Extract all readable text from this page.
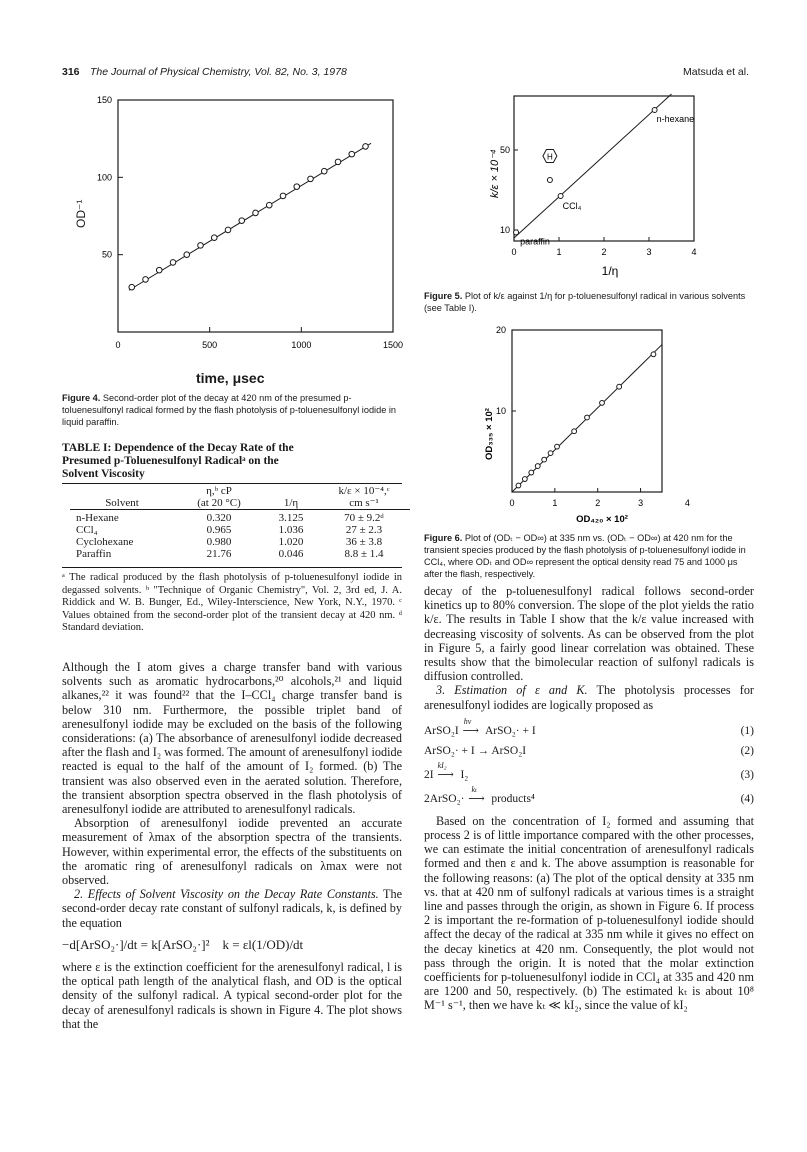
316 The Journal of Physical Chemistry, Vol. 82, No. 3, 1978	Matsuda et al.
0	500	1000	1500
50
100
150
OD⁻¹
time, μsec
Figure 4. Second-order plot of the decay at 420 nm of the presumed p-toluenesulfonyl radical formed by the flash photolysis of p-toluenesulfonyl iodide in liquid paraffin.
TABLE I: Dependence of the Decay Rate of the
Presumed p-Toluenesulfonyl Radicalᵃ on the
Solvent Viscosity
	η,ᵇ cP		k/ε × 10⁻⁴,ᶜ
Solvent	(at 20 °C)	1/η	cm s⁻¹

n-Hexane	0.320	3.125	70 ± 9.2ᵈ
CCl₄	0.965	1.036	27 ± 2.3
Cyclohexane	0.980	1.020	36 ± 3.8
Paraffin	21.76	0.046	8.8 ± 1.4
ᵃ The radical produced by the flash photolysis of p-toluenesulfonyl iodide in degassed solvents. ᵇ "Technique of Organic Chemistry", Vol. 2, 3rd ed, J. A. Riddick and W. B. Bunger, Ed., Wiley-Interscience, New York, N.Y., 1970. ᶜ Values obtained from the second-order plot of the transient decay at 420 nm. ᵈ Standard deviation.

Although the I atom gives a charge transfer band with various solvents such as aromatic hydrocarbons,²⁰ alcohols,²¹ and liquid alkanes,²² it was found²² that the I–CCl₄ charge transfer band is below 310 nm. Furthermore, the possible triplet band of arenesulfonyl iodide may be excluded on the basis of the following considerations: (a) The absorbance of arenesulfonyl iodide decreased after the flash and I₂ was formed. The amount of arenesulfonyl iodide reacted is equal to the half of the amount of I₂ formed. (b) The transient was also observed even in the aerated solution. Therefore, the transient absorption spectra observed in the flash photolysis of arenesulfonyl iodide are attributed to arenesulfonyl radicals.

Absorption of arenesulfonyl iodide prevented an accurate measurement of λmax of the absorption spectra of the transients. However, within experimental error, the effects of the substituents on the aromatic ring of arenesulfonyl radicals on λmax were not observed.

2. Effects of Solvent Viscosity on the Decay Rate Constants. The second-order decay rate constant of sulfonyl radicals, k, is defined by the equation

−d[ArSO₂·]/dt = k[ArSO₂·]²    k = εl(1/OD)/dt

where ε is the extinction coefficient for the arenesulfonyl radical, l is the optical path length of the analytical flash, and OD is the optical density of the sulfonyl radical. A typical second-order plot for the decay of arenesulfonyl radicals is shown in Figure 4. The plot shows that the

0	1	2	3	4
10
50
k/ε × 10⁻⁴
1/η
paraffin
CCl₄
H
n-hexane
Figure 5. Plot of k/ε against 1/η for p-toluenesulfonyl radical in various solvents (see Table I).
0	1	2	3	4
10
20
OD₃₃₅ × 10²
OD₄₂₀ × 10²
Figure 6. Plot of (ODₜ − OD∞) at 335 nm vs. (ODₜ − OD∞) at 420 nm for the transient species produced by the flash photolysis of p-toluenesulfonyl iodide in CCl₄, where ODₜ and OD∞ represent the optical density read 75 and 1000 μs after the flash, respectively.

decay of the p-toluenesulfonyl radical follows second-order kinetics up to 80% conversion. The slope of the plot yields the ratio k/ε. The results in Table I show that the k/ε value increased with decreasing viscosity of solvents. As can be observed from the plot in Figure 5, a fairly good linear correlation was obtained. These results show that the bimolecular reaction of sulfonyl radicals is diffusion controlled.

3. Estimation of ε and K. The photolysis processes for arenesulfonyl iodides are logically proposed as

ArSO₂I ⟶
hν
ArSO₂· + I	(1)
ArSO₂· + I → ArSO₂I	(2)
2I ⟶
kI₂
I₂	(3)
2ArSO₂· ⟶
kₜ
products⁴	(4)

Based on the concentration of I₂ formed and assuming that process 2 is of little importance compared with the other processes, we can estimate the initial concentration of arenesulfonyl radicals formed and then ε and k. The above assumption is reasonable for the following reasons: (a) The plot of the optical density at 335 nm vs. that at 420 nm of sulfonyl radicals at various times is a straight line and passes through the origin, as shown in Figure 6. If process 2 is important the re-formation of p-toluenesulfonyl iodide should affect the decay of the radical at 335 nm while it gives no effect on the decay kinetics at 420 nm. Consequently, the plot would not pass through the origin. It is noted that the molar extinction coefficients for p-toluenesulfonyl iodide in CCl₄ at 335 and 420 nm are 1200 and 50, respectively. (b) The estimated kₜ is about 10⁸ M⁻¹ s⁻¹, then we have kₜ ≪ kI₂, since the value of kI₂
